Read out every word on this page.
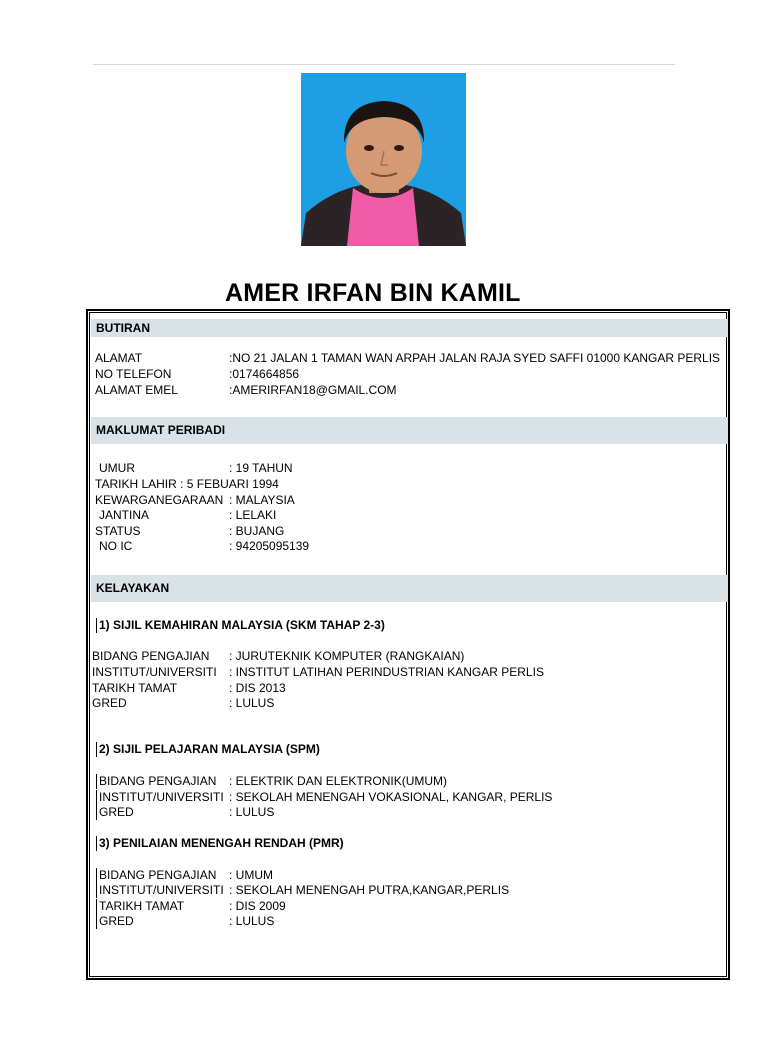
AMER IRFAN BIN KAMIL
BUTIRAN
ALAMAT	:NO 21 JALAN 1 TAMAN WAN ARPAH JALAN RAJA SYED SAFFI 01000 KANGAR PERLIS
NO TELEFON	:0174664856
ALAMAT EMEL	:AMERIRFAN18@GMAIL.COM
MAKLUMAT PERIBADI
UMUR	: 19 TAHUN
TARIKH LAHIR : 5 FEBUARI 1994
KEWARGANEGARAAN : MALAYSIA
JANTINA	: LELAKI
STATUS	: BUJANG
NO IC	: 94205095139
KELAYAKAN
1) SIJIL KEMAHIRAN MALAYSIA (SKM TAHAP 2-3)
BIDANG PENGAJIAN : JURUTEKNIK KOMPUTER (RANGKAIAN)
INSTITUT/UNIVERSITI : INSTITUT LATIHAN PERINDUSTRIAN KANGAR PERLIS
TARIKH TAMAT	: DIS 2013
GRED	: LULUS
2) SIJIL PELAJARAN MALAYSIA (SPM)
BIDANG PENGAJIAN : ELEKTRIK DAN ELEKTRONIK(UMUM)
INSTITUT/UNIVERSITI : SEKOLAH MENENGAH VOKASIONAL, KANGAR, PERLIS
GRED	: LULUS
3) PENILAIAN MENENGAH RENDAH (PMR)
BIDANG PENGAJIAN : UMUM
INSTITUT/UNIVERSITI : SEKOLAH MENENGAH PUTRA,KANGAR,PERLIS
TARIKH TAMAT	: DIS 2009
GRED	: LULUS
